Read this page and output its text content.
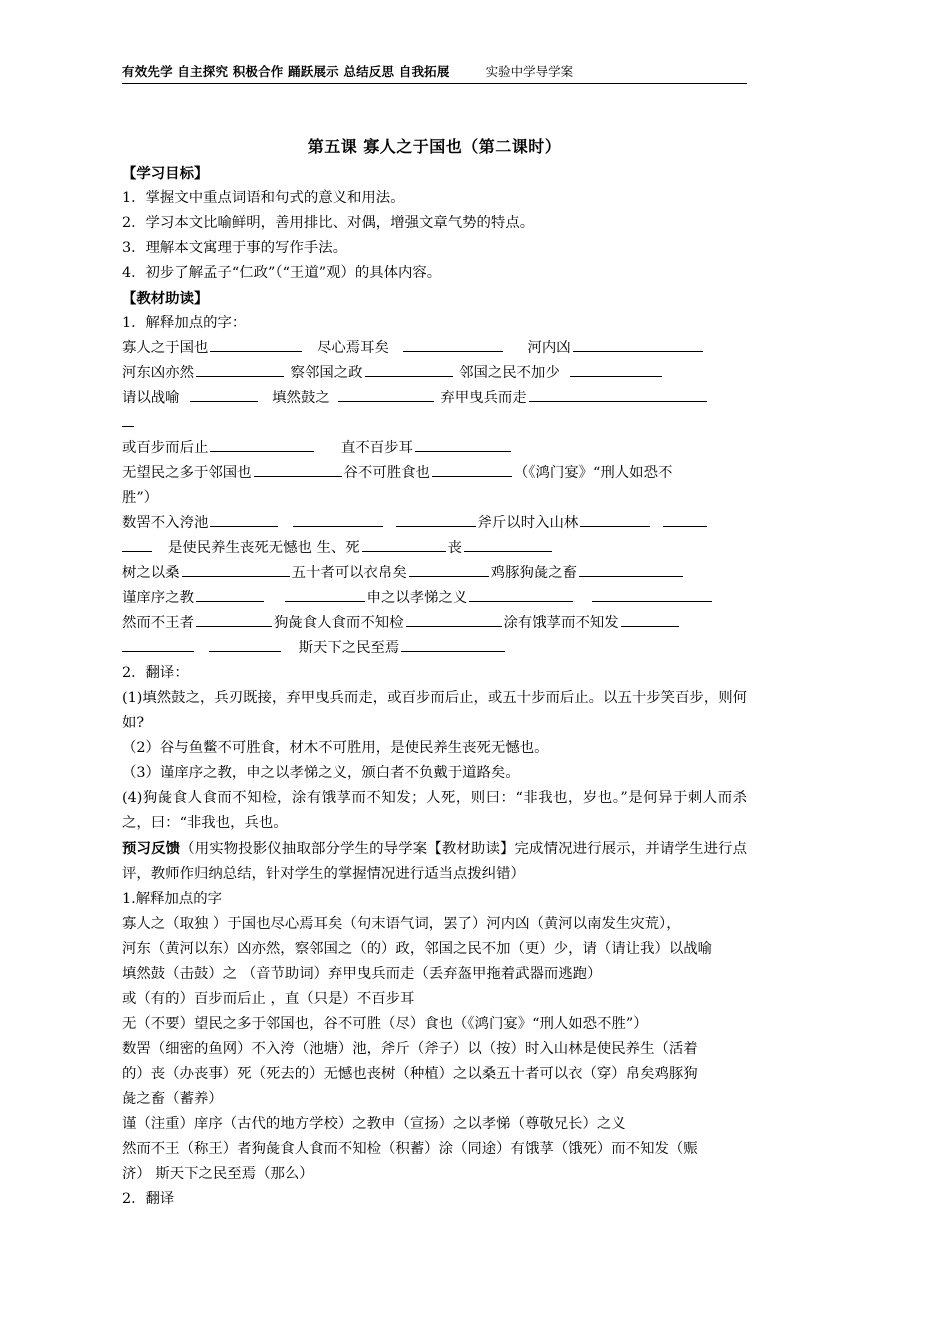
有效先学 自主探究 积极合作 踊跃展示 总结反思 自我拓展	实验中学导学案
第五课 寡人之于国也（第二课时）
【学习目标】
1．掌握文中重点词语和句式的意义和用法。
2．学习本文比喻鲜明，善用排比、对偶，增强文章气势的特点。
3．理解本文寓理于事的写作手法。
4．初步了解孟子“仁政”（“王道”观）的具体内容。
【教材助读】
1．解释加点的字：
寡人之于国也	尽心焉耳矣	河内凶
河东凶亦然	察邻国之政	邻国之民不加少
请以战喻	填然鼓之	弃甲曳兵而走
或百步而后止	直不百步耳
无望民之多于邻国也	谷不可胜食也	（《鸿门宴》“刑人如恐不
胜”）
数罟不入洿池	斧斤以时入山林
是使民养生丧死无憾也 生、死	丧
树之以桑	五十者可以衣帛矣	鸡豚狗彘之畜
谨庠序之教	申之以孝悌之义
然而不王者	狗彘食人食而不知检	涂有饿莩而不知发
斯天下之民至焉
2．翻译：
(1)填然鼓之，兵刃既接，弃甲曳兵而走，或百步而后止，或五十步而后止。以五十步笑百步，则何如?
（2）谷与鱼鳖不可胜食，材木不可胜用，是使民养生丧死无憾也。
（3）谨庠序之教，申之以孝悌之义，颁白者不负戴于道路矣。
(4)狗彘食人食而不知检，涂有饿莩而不知发；人死，则曰：“非我也，岁也。”是何异于刺人而杀之，曰：“非我也，兵也。
预习反馈（用实物投影仪抽取部分学生的导学案【教材助读】完成情况进行展示，并请学生进行点评，教师作归纳总结，针对学生的掌握情况进行适当点拨纠错）
1.解释加点的字
寡人之（取独 ）于国也尽心焉耳矣（句末语气词，罢了）河内凶（黄河以南发生灾荒），
河东（黄河以东）凶亦然，察邻国之（的）政，邻国之民不加（更）少，请（请让我）以战喻
填然鼓（击鼓）之 （音节助词）弃甲曳兵而走（丢弃盔甲拖着武器而逃跑）
或（有的）百步而后止 ，直（只是）不百步耳
无（不要）望民之多于邻国也，谷不可胜（尽）食也（《鸿门宴》“刑人如恐不胜”）
数罟（细密的鱼网）不入洿（池塘）池，斧斤（斧子）以（按）时入山林是使民养生（活着
的）丧（办丧事）死（死去的）无憾也丧树（种植）之以桑五十者可以衣（穿）帛矣鸡豚狗
彘之畜（蓄养）
谨（注重）庠序（古代的地方学校）之教申（宣扬）之以孝悌（尊敬兄长）之义
然而不王（称王）者狗彘食人食而不知检（积蓄）涂（同途）有饿莩（饿死）而不知发（赈
济） 斯天下之民至焉（那么）
2．翻译
